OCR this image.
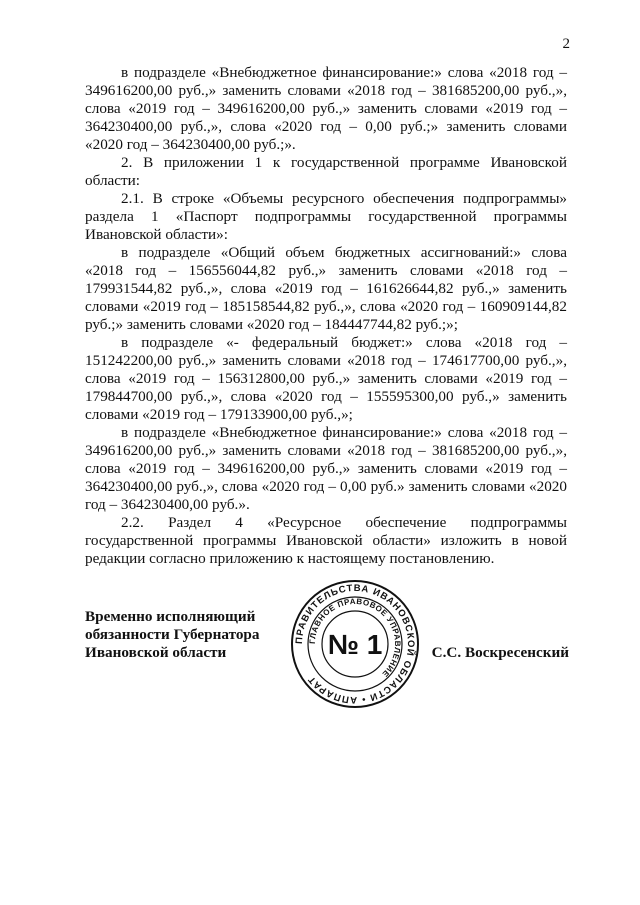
2

в подразделе «Внебюджетное финансирование:» слова «2018 год – 349616200,00 руб.,» заменить словами «2018 год – 381685200,00 руб.,», слова «2019 год – 349616200,00 руб.,» заменить словами «2019 год – 364230400,00 руб.,», слова «2020 год – 0,00 руб.;» заменить словами «2020 год – 364230400,00 руб.;».

2. В приложении 1 к государственной программе Ивановской области:

2.1. В строке «Объемы ресурсного обеспечения подпрограммы» раздела 1 «Паспорт подпрограммы государственной программы Ивановской области»:

в подразделе «Общий объем бюджетных ассигнований:» слова «2018 год – 156556044,82 руб.,» заменить словами «2018 год – 179931544,82 руб.,», слова «2019 год – 161626644,82 руб.,» заменить словами «2019 год – 185158544,82 руб.,», слова «2020 год – 160909144,82 руб.;» заменить словами «2020 год – 184447744,82 руб.;»;

в подразделе «- федеральный бюджет:» слова «2018 год – 151242200,00 руб.,» заменить словами «2018 год – 174617700,00 руб.,», слова «2019 год – 156312800,00 руб.,» заменить словами «2019 год – 179844700,00 руб.,», слова «2020 год – 155595300,00 руб.,» заменить словами «2019 год – 179133900,00 руб.,»;

в подразделе «Внебюджетное финансирование:» слова «2018 год – 349616200,00 руб.,» заменить словами «2018 год – 381685200,00 руб.,», слова «2019 год – 349616200,00 руб.,» заменить словами «2019 год – 364230400,00 руб.,», слова «2020 год – 0,00 руб.» заменить словами «2020 год – 364230400,00 руб.».

2.2. Раздел 4 «Ресурсное обеспечение подпрограммы государственной программы Ивановской области» изложить в новой редакции согласно приложению к настоящему постановлению.

Временно исполняющий
обязанности Губернатора
Ивановской области
ПРАВИТЕЛЬСТВА ИВАНОВСКОЙ ОБЛАСТИ • АППАРАТ
ГЛАВНОЕ ПРАВОВОЕ УПРАВЛЕНИЕ
№ 1	С.С. Воскресенский
